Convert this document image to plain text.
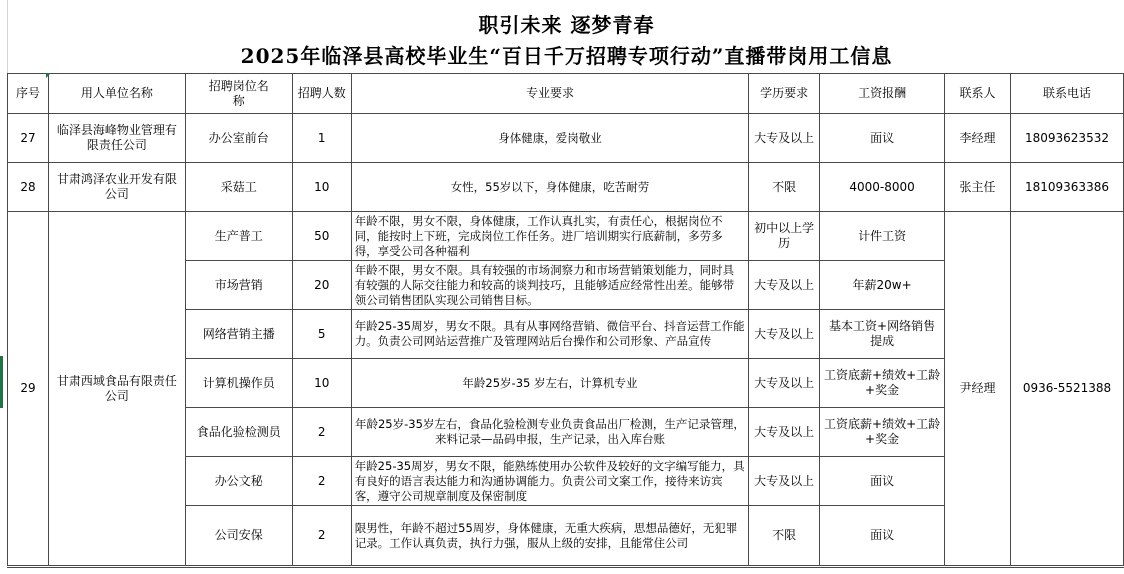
职引未来 逐梦青春
2025年临泽县高校毕业生“百日千万招聘专项行动”直播带岗用工信息
序号	用人单位名称	招聘岗位名称	招聘人数	专业要求	学历要求	工资报酬	联系人	联系电话
27	临泽县海峰物业管理有限责任公司	办公室前台	1	身体健康，爱岗敬业	大专及以上	面议	李经理	18093623532
28	甘肃鸿泽农业开发有限公司	采菇工	10	女性，55岁以下，身体健康，吃苦耐劳	不限	4000-8000	张主任	18109363386
29	甘肃西域食品有限责任公司	生产普工	50	年龄不限，男女不限，身体健康，工作认真扎实，有责任心，根据岗位不同，能按时上下班，完成岗位工作任务。进厂培训期实行底薪制，多劳多得，享受公司各种福利	初中以上学历	计件工资	尹经理	0936-5521388
		市场营销	20	年龄不限，男女不限。具有较强的市场洞察力和市场营销策划能力，同时具有较强的人际交往能力和较高的谈判技巧，且能够适应经常性出差。能够带领公司销售团队实现公司销售目标。	大专及以上	年薪20w+		
		网络营销主播	5	年龄25-35周岁，男女不限。具有从事网络营销、微信平台、抖音运营工作能力。负责公司网站运营推广及管理网站后台操作和公司形象、产品宣传	大专及以上	基本工资+网络销售提成		
		计算机操作员	10	年龄25岁-35 岁左右，计算机专业	大专及以上	工资底薪+绩效+工龄+奖金		
		食品化验检测员	2	年龄25岁-35岁左右，食品化验检测专业负责食品出厂检测，生产记录管理，来料记录—品码申报，生产记录，出入库台账	大专及以上	工资底薪+绩效+工龄+奖金		
		办公文秘	2	年龄25-35周岁，男女不限，能熟练使用办公软件及较好的文字编写能力，具有良好的语言表达能力和沟通协调能力。负责公司文案工作，接待来访宾客，遵守公司规章制度及保密制度	大专及以上	面议		
		公司安保	2	限男性，年龄不超过55周岁，身体健康，无重大疾病，思想品德好，无犯罪记录。工作认真负责，执行力强，服从上级的安排，且能常住公司	不限	面议		
